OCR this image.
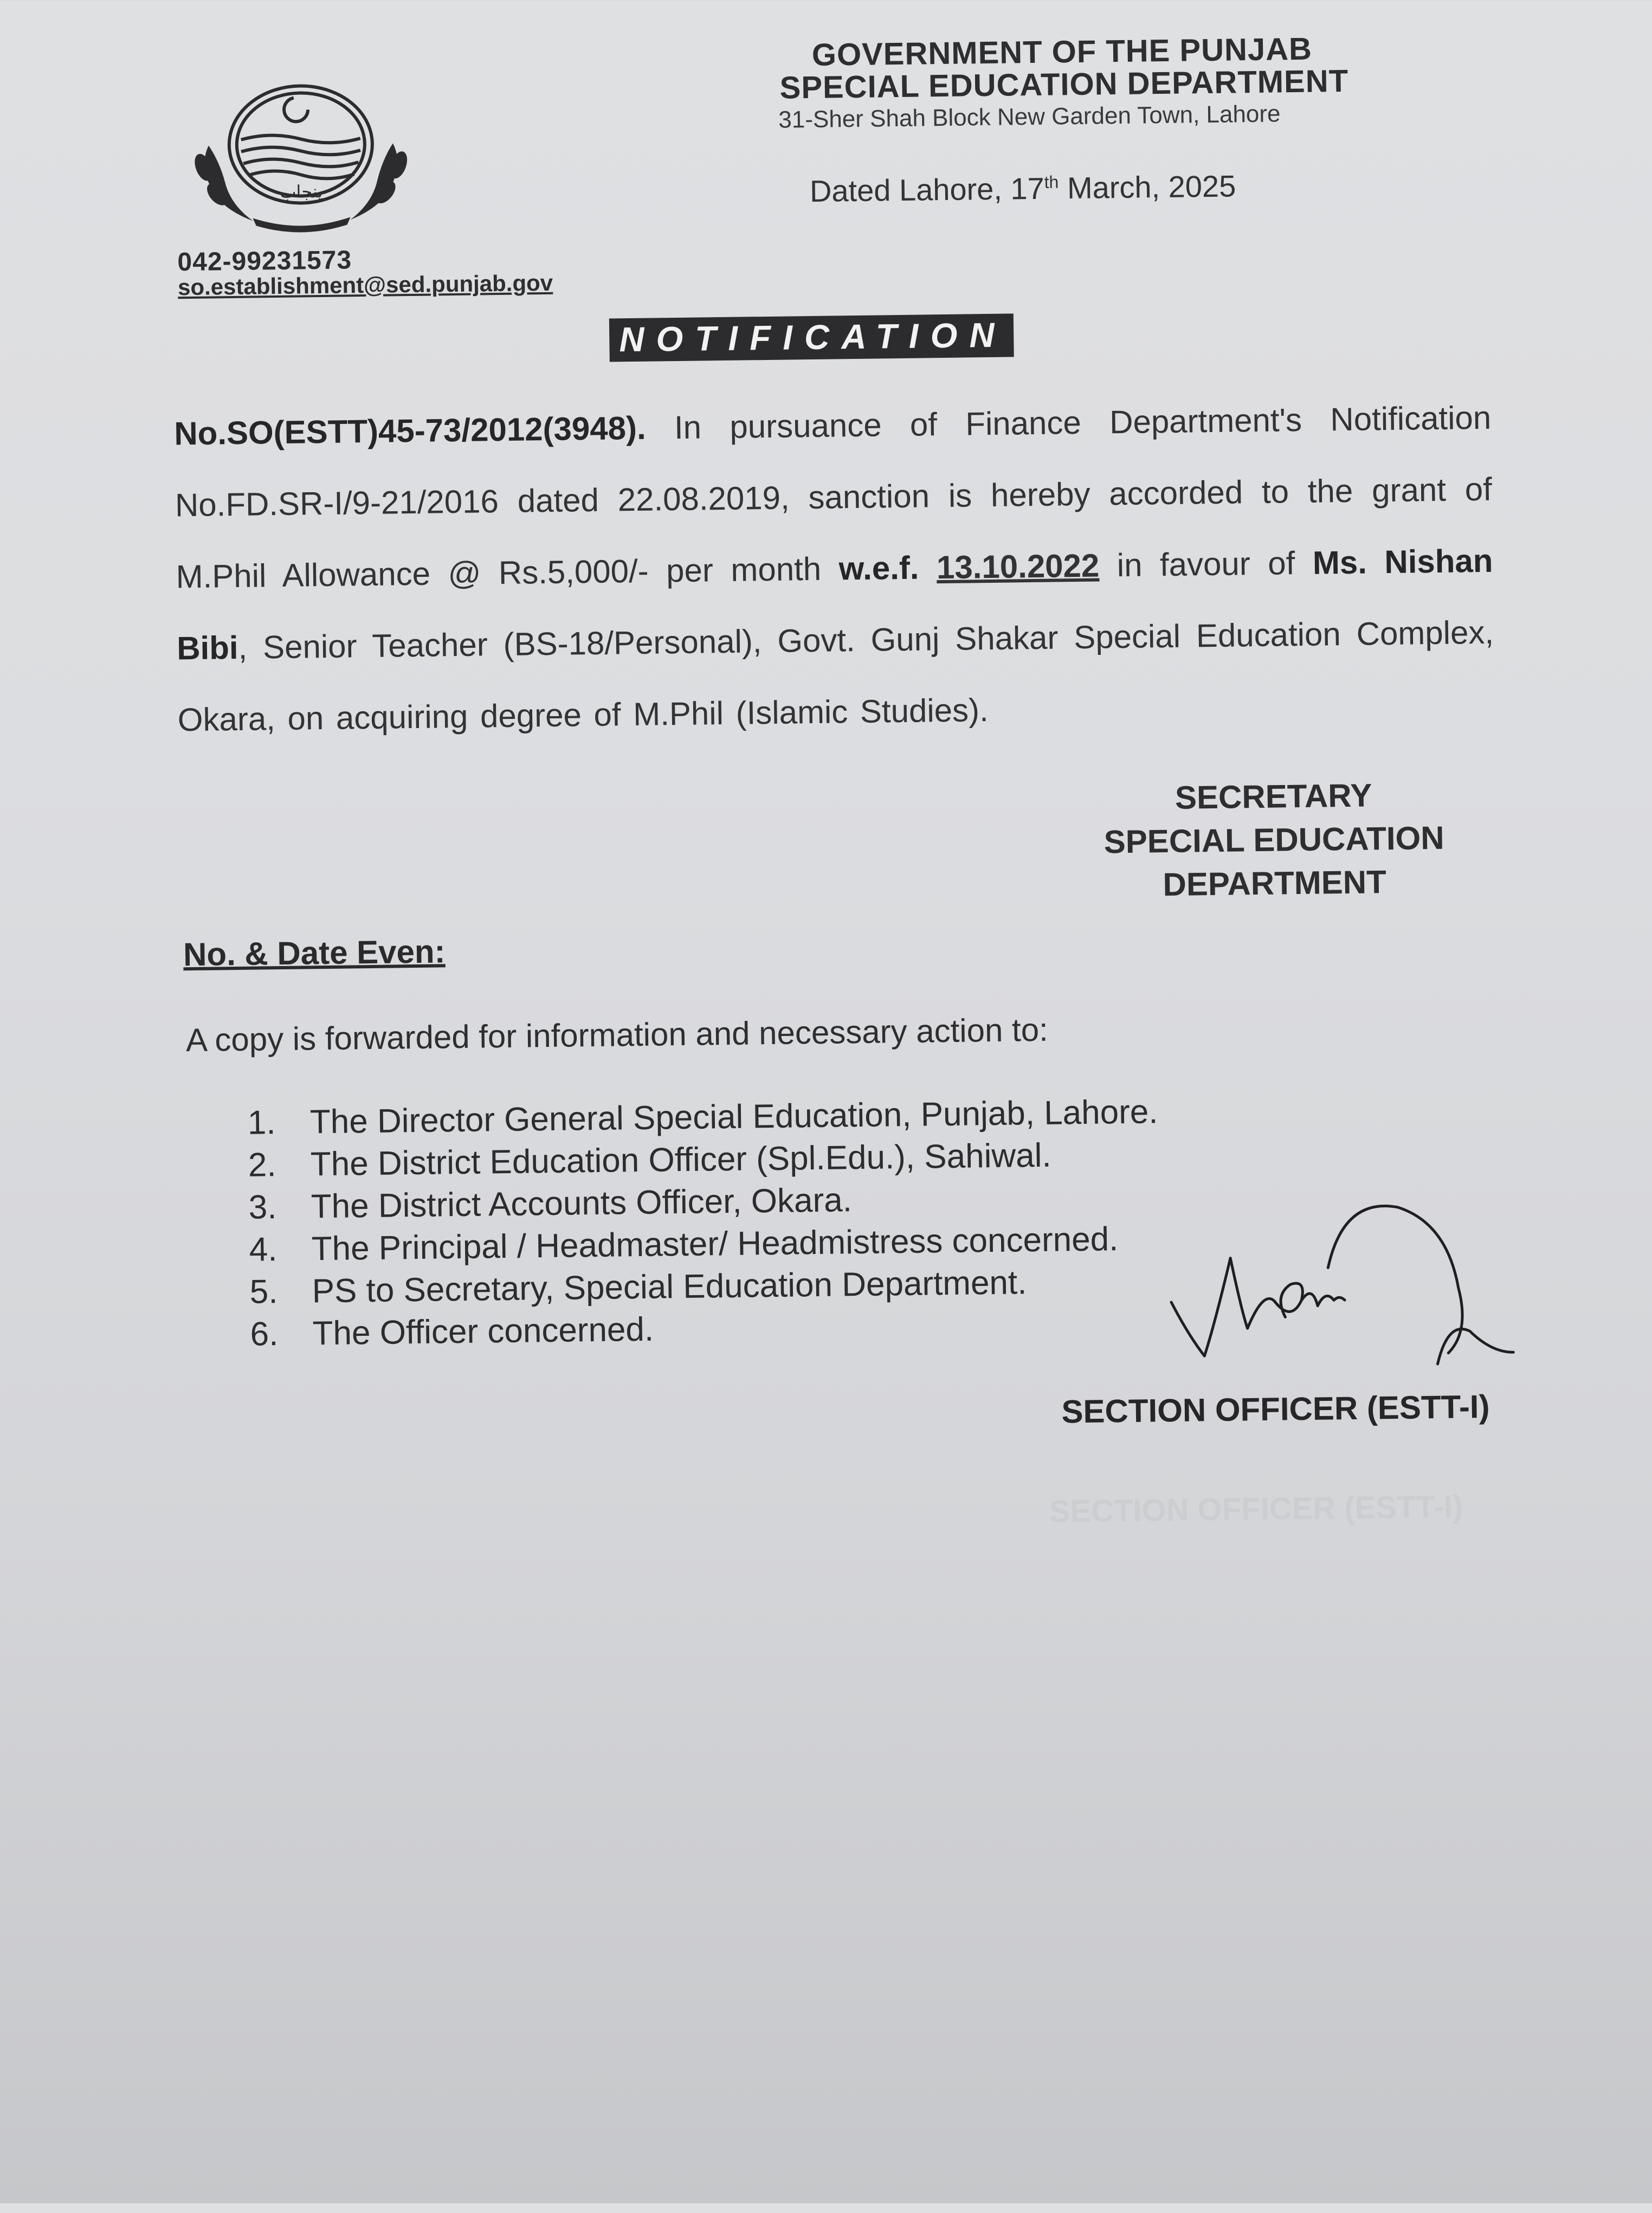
پنجاب
GOVERNMENT OF THE PUNJAB
SPECIAL EDUCATION DEPARTMENT
31-Sher Shah Block New Garden Town, Lahore
Dated Lahore, 17th March, 2025
042-99231573
so.establishment@sed.punjab.gov
NOTIFICATION
No.SO(ESTT)45-73/2012(3948). In pursuance of Finance Department's Notification No.FD.SR-I/9-21/2016 dated 22.08.2019, sanction is hereby accorded to the grant of M.Phil Allowance @ Rs.5,000/- per month w.e.f. 13.10.2022 in favour of Ms. Nishan Bibi, Senior Teacher (BS-18/Personal), Govt. Gunj Shakar Special Education Complex, Okara, on acquiring degree of M.Phil (Islamic Studies).
SECRETARY
SPECIAL EDUCATION
DEPARTMENT
No. & Date Even:
A copy is forwarded for information and necessary action to:
1.	The Director General Special Education, Punjab, Lahore.
2.	The District Education Officer (Spl.Edu.), Sahiwal.
3.	The District Accounts Officer, Okara.
4.	The Principal / Headmaster/ Headmistress concerned.
5.	PS to Secretary, Special Education Department.
6.	The Officer concerned.
SECTION OFFICER (ESTT-I)
SECTION OFFICER (ESTT-I)
